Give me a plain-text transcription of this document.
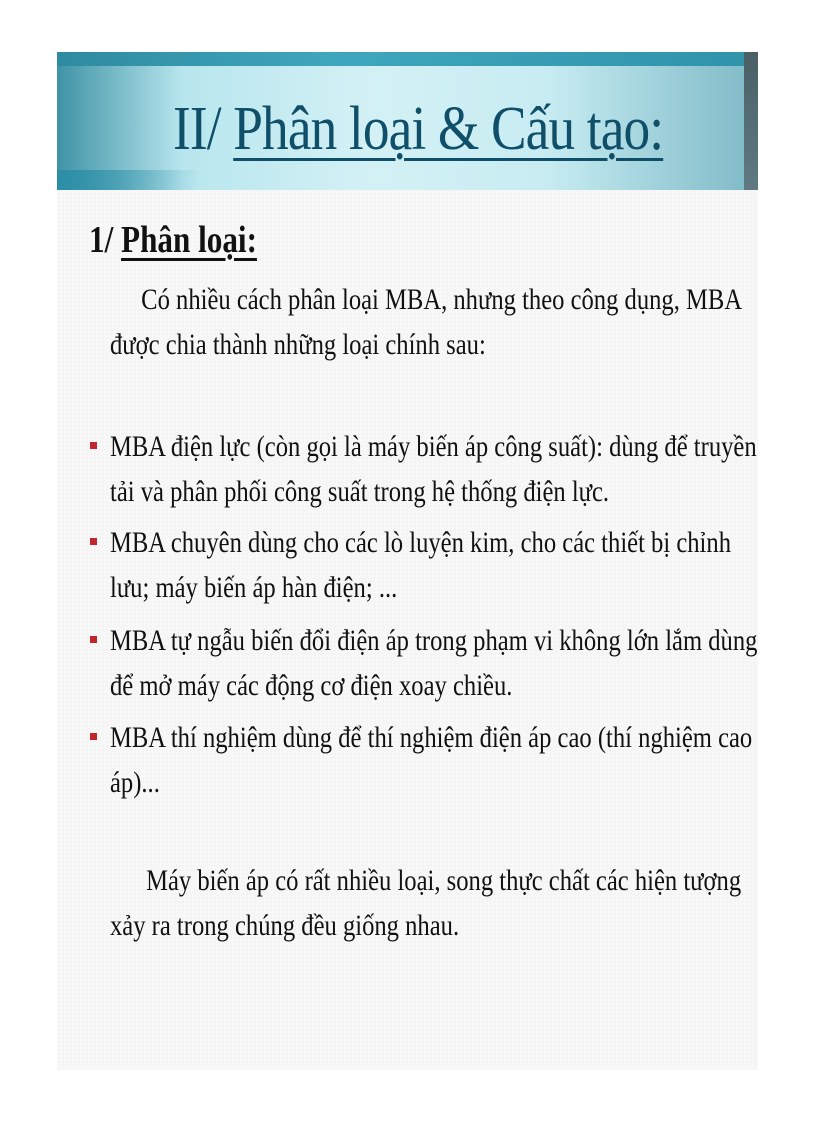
II/ Phân loại & Cấu tạo:
1/ Phân loại:
Có nhiều cách phân loại MBA, nhưng theo công dụng, MBA
được chia thành những loại chính sau:
MBA điện lực (còn gọi là máy biến áp công suất): dùng để truyền
tải và phân phối công suất trong hệ thống điện lực.
MBA chuyên dùng cho các lò luyện kim, cho các thiết bị chỉnh
lưu; máy biến áp hàn điện; ...
MBA tự ngẫu biến đổi điện áp trong phạm vi không lớn lắm dùng
để mở máy các động cơ điện xoay chiều.
MBA thí nghiệm dùng để thí nghiệm điện áp cao (thí nghiệm cao
áp)...
Máy biến áp có rất nhiều loại, song thực chất các hiện tượng
xảy ra trong chúng đều giống nhau.
